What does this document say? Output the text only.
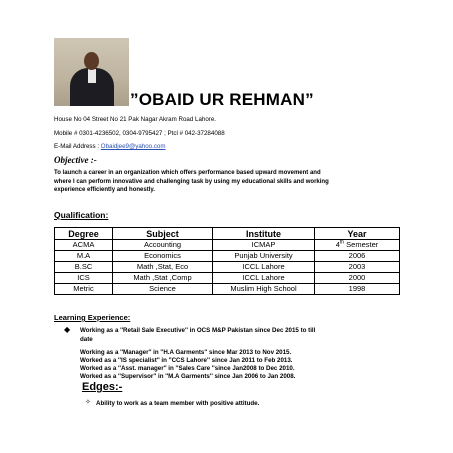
”OBAID UR REHMAN”
House No 04 Street No 21 Pak Nagar Akram Road Lahore.
Mobile # 0301-4236502, 0304-9795427 ; Ptcl # 042-37284088
E-Mail Address : Obaidjee9@yahoo.com
Objective :-
To launch a career in an organization which offers performance based upward movement and
where I can perform innovative and challenging task by using my educational skills and working
experience efficiently and honestly.
Qualification:
Degree	Subject	Institute	Year
ACMA	Accounting	ICMAP	4th Semester
M.A	Economics	Punjab University	2006
B.SC	Math ,Stat, Eco	ICCL Lahore	2003
ICS	Math ,Stat ,Comp	ICCL Lahore	2000
Metric	Science	Muslim High School	1998
Learning Experience:
◆ Working as a ''Retail Sale Executive'' in OCS M&P Pakistan since Dec 2015 to till
date
Working as a ''Manager'' in ''H.A Garments'' since Mar 2013 to Nov 2015.
Worked as a ''IS specialist'' in ''CCS Lahore'' since Jan 2011 to Feb 2013.
Worked as a ''Asst. manager'' in ''Sales Care ''since Jan2008 to Dec 2010.
Worked as a ''Supervisor'' in ''M.A Garments'' since Jan 2006 to Jan 2008.
Edges:-
✧ Ability to work as a team member with positive attitude.
